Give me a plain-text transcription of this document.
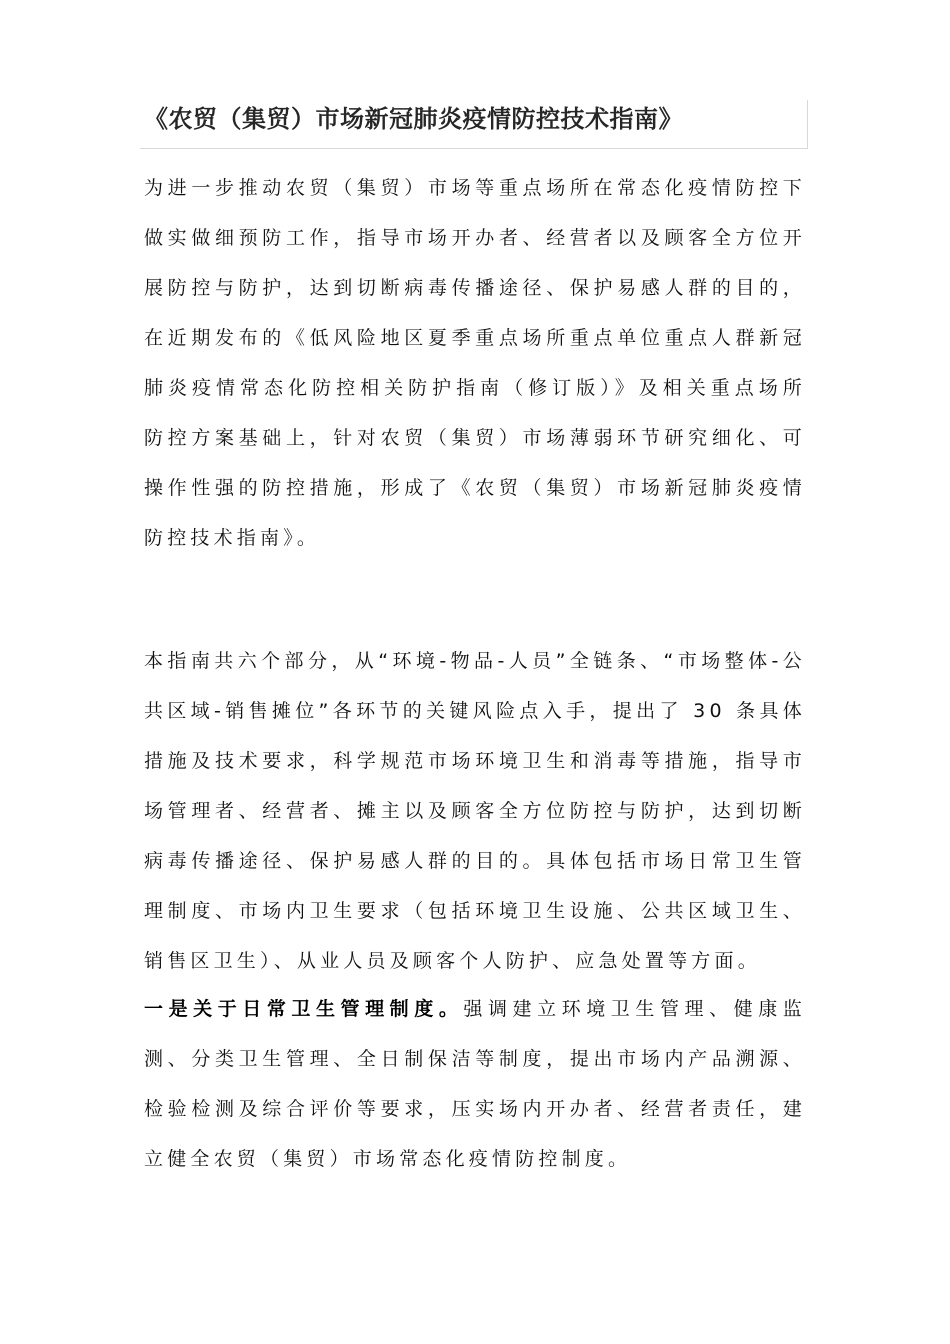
《农贸（集贸）市场新冠肺炎疫情防控技术指南》

为进一步推动农贸（集贸）市场等重点场所在常态化疫情防控下做实做细预防工作，指导市场开办者、经营者以及顾客全方位开展防控与防护，达到切断病毒传播途径、保护易感人群的目的，在近期发布的《低风险地区夏季重点场所重点单位重点人群新冠肺炎疫情常态化防控相关防护指南（修订版）》及相关重点场所防控方案基础上，针对农贸（集贸）市场薄弱环节研究细化、可操作性强的防控措施，形成了《农贸（集贸）市场新冠肺炎疫情防控技术指南》。

本指南共六个部分，从“环境-物品-人员”全链条、“市场整体-公共区域-销售摊位”各环节的关键风险点入手，提出了 30 条具体措施及技术要求，科学规范市场环境卫生和消毒等措施，指导市场管理者、经营者、摊主以及顾客全方位防控与防护，达到切断病毒传播途径、保护易感人群的目的。具体包括市场日常卫生管理制度、市场内卫生要求（包括环境卫生设施、公共区域卫生、销售区卫生）、从业人员及顾客个人防护、应急处置等方面。

一是关于日常卫生管理制度。强调建立环境卫生管理、健康监测、分类卫生管理、全日制保洁等制度，提出市场内产品溯源、检验检测及综合评价等要求，压实场内开办者、经营者责任，建立健全农贸（集贸）市场常态化疫情防控制度。
